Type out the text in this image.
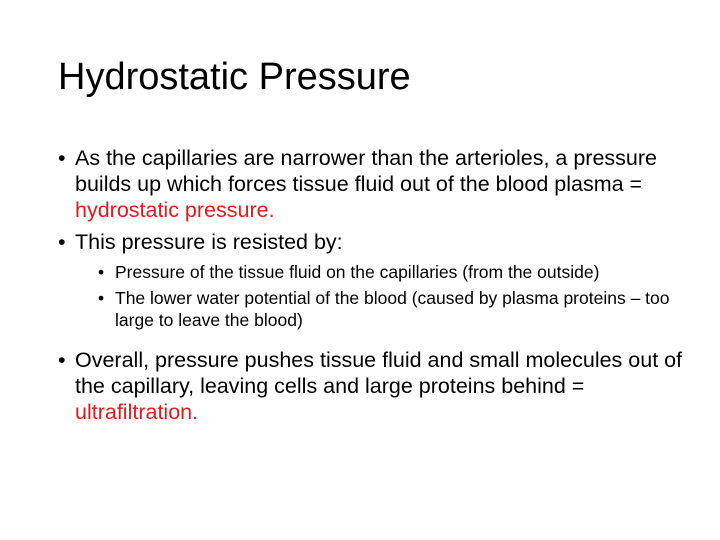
Hydrostatic Pressure

• As the capillaries are narrower than the arterioles, a pressure builds up which forces tissue fluid out of the blood plasma = hydrostatic pressure.

• This pressure is resisted by:

• Pressure of the tissue fluid on the capillaries (from the outside)

• The lower water potential of the blood (caused by plasma proteins – too large to leave the blood)

• Overall, pressure pushes tissue fluid and small molecules out of the capillary, leaving cells and large proteins behind = ultrafiltration.
